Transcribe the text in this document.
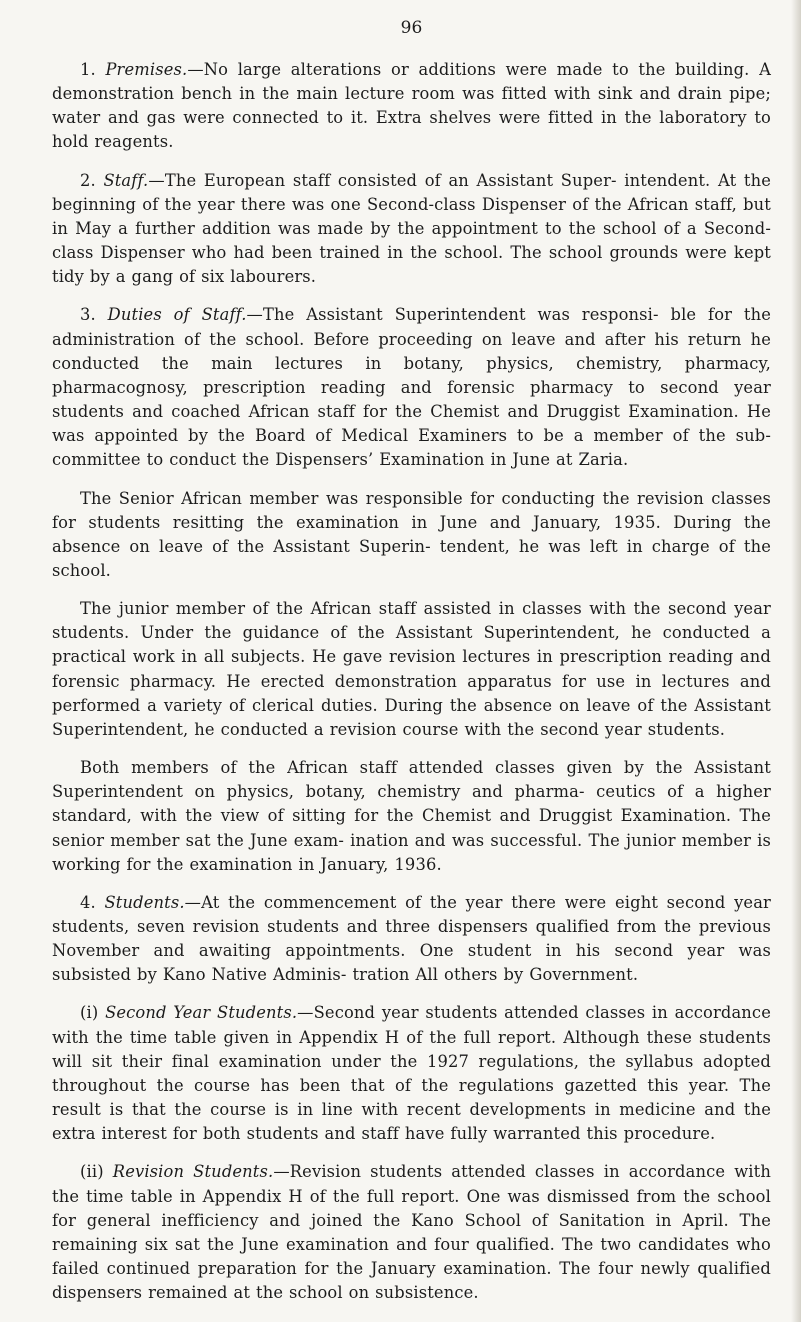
96

1. Premises.—No large alterations or additions were made to the building. A demonstration bench in the main lecture room was fitted with sink and drain pipe; water and gas were connected to it. Extra shelves were fitted in the laboratory to hold reagents.

2. Staff.—The European staff consisted of an Assistant Super- intendent. At the beginning of the year there was one Second-class Dispenser of the African staff, but in May a further addition was made by the appointment to the school of a Second-class Dispenser who had been trained in the school. The school grounds were kept tidy by a gang of six labourers.

3. Duties of Staff.—The Assistant Superintendent was responsi- ble for the administration of the school. Before proceeding on leave and after his return he conducted the main lectures in botany, physics, chemistry, pharmacy, pharmacognosy, prescription reading and forensic pharmacy to second year students and coached African staff for the Chemist and Druggist Examination. He was appointed by the Board of Medical Examiners to be a member of the sub-committee to conduct the Dispensers’ Examination in June at Zaria.

The Senior African member was responsible for conducting the revision classes for students resitting the examination in June and January, 1935. During the absence on leave of the Assistant Superin- tendent, he was left in charge of the school.

The junior member of the African staff assisted in classes with the second year students. Under the guidance of the Assistant Superintendent, he conducted a practical work in all subjects. He gave revision lectures in prescription reading and forensic pharmacy. He erected demonstration apparatus for use in lectures and performed a variety of clerical duties. During the absence on leave of the Assistant Superintendent, he conducted a revision course with the second year students.

Both members of the African staff attended classes given by the Assistant Superintendent on physics, botany, chemistry and pharma- ceutics of a higher standard, with the view of sitting for the Chemist and Druggist Examination. The senior member sat the June exam- ination and was successful. The junior member is working for the examination in January, 1936.

4. Students.—At the commencement of the year there were eight second year students, seven revision students and three dispensers qualified from the previous November and awaiting appointments. One student in his second year was subsisted by Kano Native Adminis- tration All others by Government.

(i) Second Year Students.—Second year students attended classes in accordance with the time table given in Appendix H of the full report. Although these students will sit their final examination under the 1927 regulations, the syllabus adopted throughout the course has been that of the regulations gazetted this year. The result is that the course is in line with recent developments in medicine and the extra interest for both students and staff have fully warranted this procedure.

(ii) Revision Students.—Revision students attended classes in accordance with the time table in Appendix H of the full report. One was dismissed from the school for general inefficiency and joined the Kano School of Sanitation in April. The remaining six sat the June examination and four qualified. The two candidates who failed continued preparation for the January examination. The four newly qualified dispensers remained at the school on subsistence.
